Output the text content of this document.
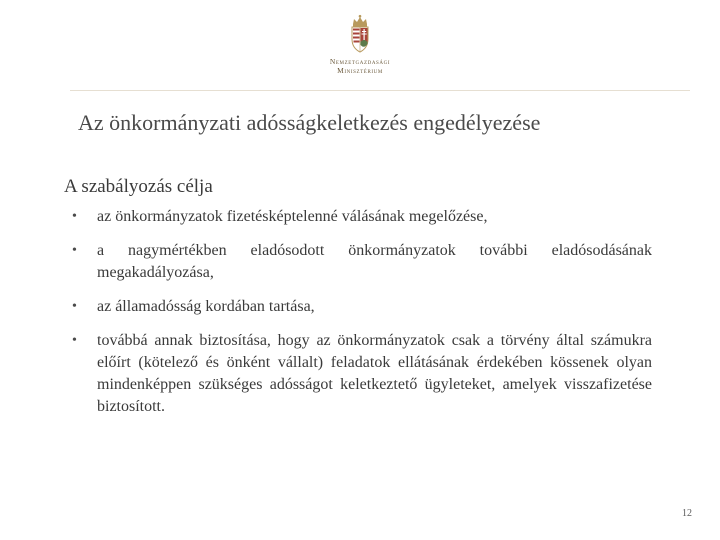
Nemzetgazdasági
Minisztérium
Az önkormányzati adósságkeletkezés engedélyezése
A szabályozás célja
• az önkormányzatok fizetésképtelenné válásának megelőzése,
• a nagymértékben eladósodott önkormányzatok további eladósodásának megakadályozása,
• az államadósság kordában tartása,
• továbbá annak biztosítása, hogy az önkormányzatok csak a törvény által számukra előírt (kötelező és önként vállalt) feladatok ellátásának érdekében kössenek olyan mindenképpen szükséges adósságot keletkeztető ügyleteket, amelyek visszafizetése biztosított.
12
